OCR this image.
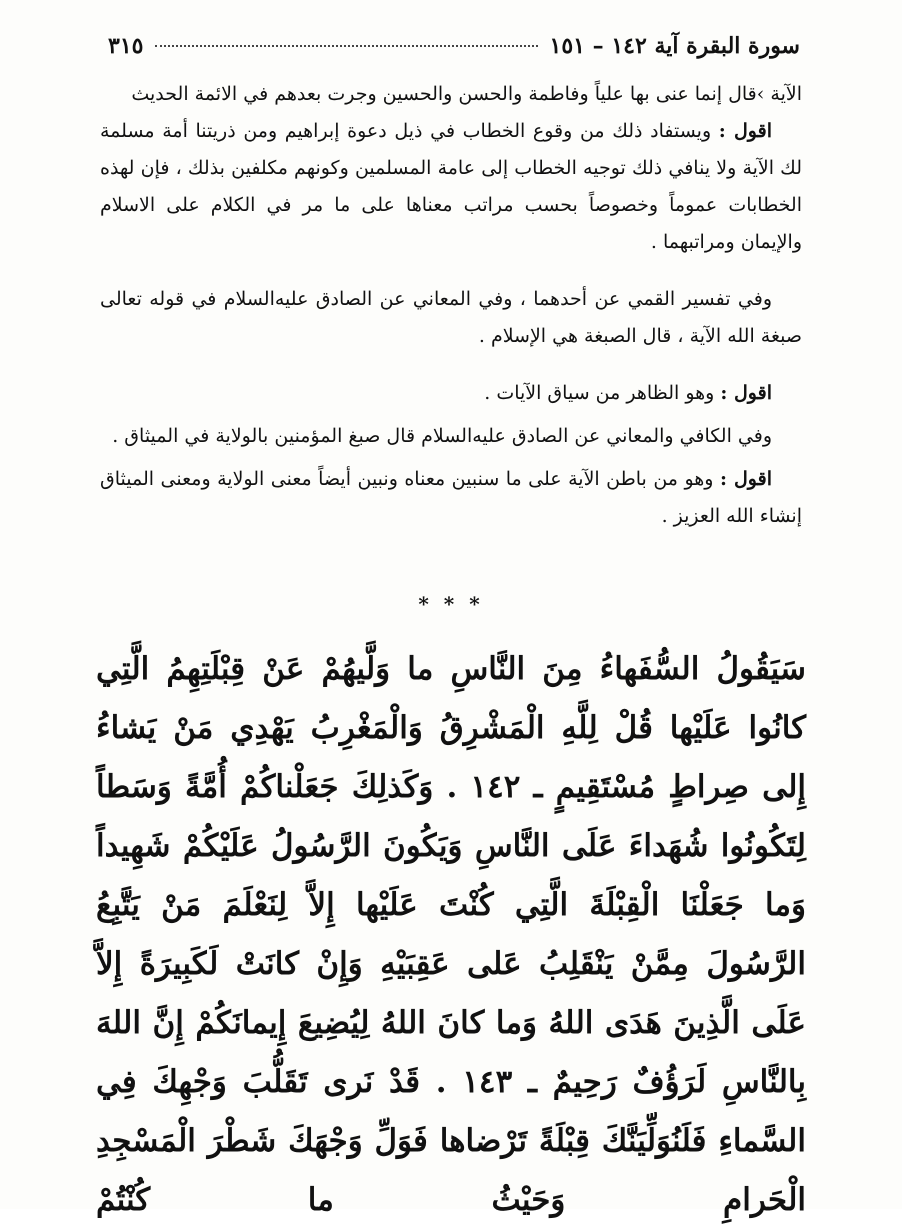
سورة البقرة آية ١٤٢ – ١٥١
٣١٥

الآية ›قال إنما عنى بها علياً وفاطمة والحسن والحسين وجرت بعدهم في الائمة الحديث

اقول : ويستفاد ذلك من وقوع الخطاب في ذيل دعوة إبراهيم ومن ذريتنا أمة مسلمة لك الآية ولا ينافي ذلك توجيه الخطاب إلى عامة المسلمين وكونهم مكلفين بذلك ، فإن لهذه الخطابات عموماً وخصوصاً بحسب مراتب معناها على ما مر في الكلام على الاسلام والإيمان ومراتبهما .

وفي تفسير القمي عن أحدهما ، وفي المعاني عن الصادق عليه‌السلام في قوله تعالى صبغة الله الآية ، قال الصبغة هي الإسلام .

اقول : وهو الظاهر من سياق الآيات .

وفي الكافي والمعاني عن الصادق عليه‌السلام قال صبغ المؤمنين بالولاية في الميثاق .

اقول : وهو من باطن الآية على ما سنبين معناه ونبين أيضاً معنى الولاية ومعنى الميثاق إنشاء الله العزيز .

* * *

سَيَقُولُ السُّفَهاءُ مِنَ النَّاسِ ما وَلَّيهُمْ عَنْ قِبْلَتِهِمُ الَّتِي كانُوا عَلَيْها قُلْ لِلَّهِ الْمَشْرِقُ وَالْمَغْرِبُ يَهْدِي مَنْ يَشاءُ إِلى صِراطٍ مُسْتَقِيمٍ ـ ١٤٢ . وَكَذلِكَ جَعَلْناكُمْ أُمَّةً وَسَطاً لِتَكُونُوا شُهَداءَ عَلَى النَّاسِ وَيَكُونَ الرَّسُولُ عَلَيْكُمْ شَهِيداً وَما جَعَلْنَا الْقِبْلَةَ الَّتِي كُنْتَ عَلَيْها إِلاَّ لِنَعْلَمَ مَنْ يَتَّبِعُ الرَّسُولَ مِمَّنْ يَنْقَلِبُ عَلى عَقِبَيْهِ وَإِنْ كانَتْ لَكَبِيرَةً إِلاَّ عَلَى الَّذِينَ هَدَى اللهُ وَما كانَ اللهُ لِيُضِيعَ إِيمانَكُمْ إِنَّ اللهَ بِالنَّاسِ لَرَؤُفٌ رَحِيمٌ ـ ١٤٣ . قَدْ نَرى تَقَلُّبَ وَجْهِكَ فِي السَّماءِ فَلَنُوَلِّيَنَّكَ قِبْلَةً تَرْضاها فَوَلِّ وَجْهَكَ شَطْرَ الْمَسْجِدِ الْحَرامِ وَحَيْثُ ما كُنْتُمْ
